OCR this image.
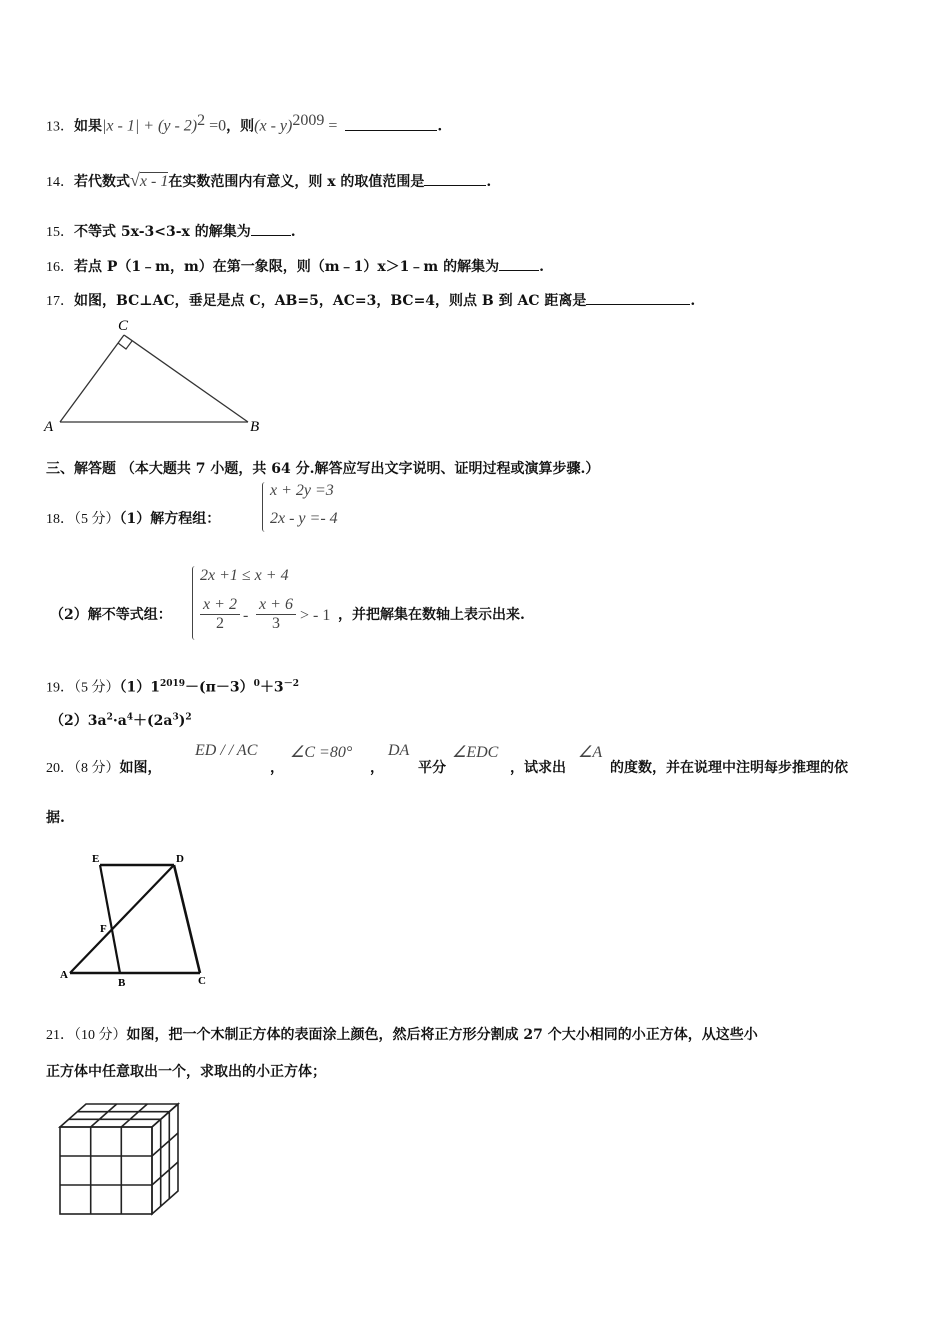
13．如果|x - 1| + (y - 2)$^2$ =0，则(x - y)$^{2009}$ =	.
14．若代数式√x - 1在实数范围内有意义，则 x 的取值范围是	.
15．不等式 5x-3<3-x 的解集为	.
16．若点 P（1﹣m，m）在第一象限，则（m﹣1）x＞1﹣m 的解集为	.
17．如图，BC⊥AC，垂足是点 C，AB=5，AC=3，BC=4，则点 B 到 AC 距离是	.
C
A	B
三、解答题 （本大题共 7 小题，共 64 分.解答应写出文字说明、证明过程或演算步骤.）
18．（5 分）（1）解方程组：
x + 2y =3
2x - y =- 4
（2）解不等式组：
2x +1 ≤ x + 4
$\frac{x + 2}{2} - \frac{x + 6}{3}$ > - 1 ，并把解集在数轴上表示出来.
19．（5 分）$(1)1^{2019}-(\pi-3)^0+3^{-2}$
$(2)3a^2\cdot a^4+(2a^3)^2$
20．（8 分）如图，
ED / / AC
，
∠C =80°
，
DA
平分
∠EDC
，试求出
∠A
的度数，并在说理中注明每步推理的依
据.
E	D
F
A
B	C
21．（10 分）如图，把一个木制正方体的表面涂上颜色，然后将正方形分割成 27 个大小相同的小正方体，从这些小
正方体中任意取出一个，求取出的小正方体；
